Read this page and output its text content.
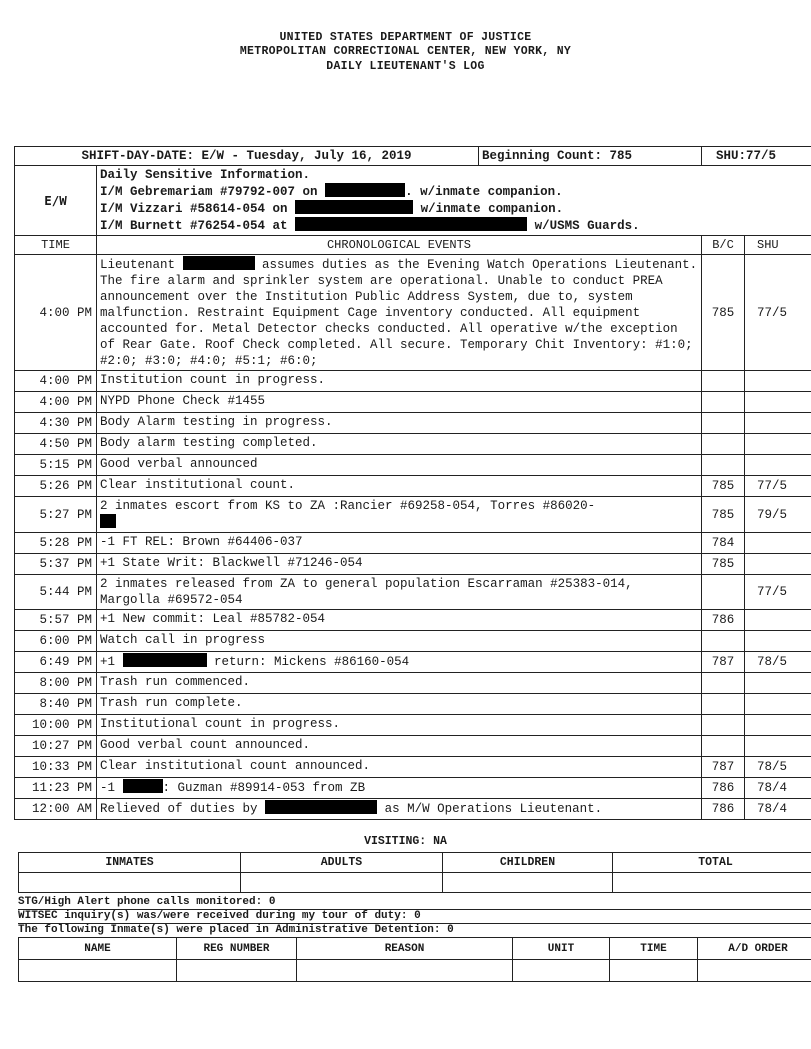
UNITED STATES DEPARTMENT OF JUSTICE
METROPOLITAN CORRECTIONAL CENTER, NEW YORK, NY
DAILY LIEUTENANT'S LOG
SHIFT-DAY-DATE: E/W - Tuesday, July 16, 2019		Beginning Count: 785	SHU:77/5	
E/W	Daily Sensitive Information.
I/M Gebremariam #79792-007 on . w/inmate companion.
I/M Vizzari #58614-054 on w/inmate companion.
I/M Burnett #76254-054 at w/USMS Guards.			

TIME	CHRONOLOGICAL EVENTS		B/C	SHU
4:00 PM	Lieutenant assumes duties as the Evening Watch Operations Lieutenant. The fire alarm and sprinkler system are operational. Unable to conduct PREA announcement over the Institution Public Address System, due to, system malfunction. Restraint Equipment Cage inventory conducted. All equipment accounted for. Metal Detector checks conducted. All operative w/the exception of Rear Gate. Roof Check completed. All secure. Temporary Chit Inventory: #1:0; #2:0; #3:0; #4:0; #5:1; #6:0;		785	77/5
4:00 PM	Institution count in progress.			
4:00 PM	NYPD Phone Check #1455			
4:30 PM	Body Alarm testing in progress.			
4:50 PM	Body alarm testing completed.			
5:15 PM	Good verbal announced			
5:26 PM	Clear institutional count.		785	77/5
5:27 PM	2 inmates escort from KS to ZA :Rancier #69258-054, Torres #86020-		785	79/5
5:28 PM	-1 FT REL: Brown #64406-037		784	
5:37 PM	+1 State Writ: Blackwell #71246-054		785	
5:44 PM	2 inmates released from ZA to general population Escarraman #25383-014, Margolla #69572-054			77/5
5:57 PM	+1 New commit: Leal #85782-054		786	
6:00 PM	Watch call in progress			
6:49 PM	+1 return: Mickens #86160-054		787	78/5
8:00 PM	Trash run commenced.			
8:40 PM	Trash run complete.			
10:00 PM	Institutional count in progress.			
10:27 PM	Good verbal count announced.			
10:33 PM	Clear institutional count announced.		787	78/5
11:23 PM	-1 : Guzman #89914-053 from ZB		786	78/4
12:00 AM	Relieved of duties by as M/W Operations Lieutenant.		786	78/4
VISITING: NA
INMATES	ADULTS	CHILDREN	TOTAL

STG/High Alert phone calls monitored: 0
WITSEC inquiry(s) was/were received during my tour of duty: 0
The following Inmate(s) were placed in Administrative Detention: 0
NAME	REG NUMBER	REASON	UNIT	TIME	A/D ORDER
